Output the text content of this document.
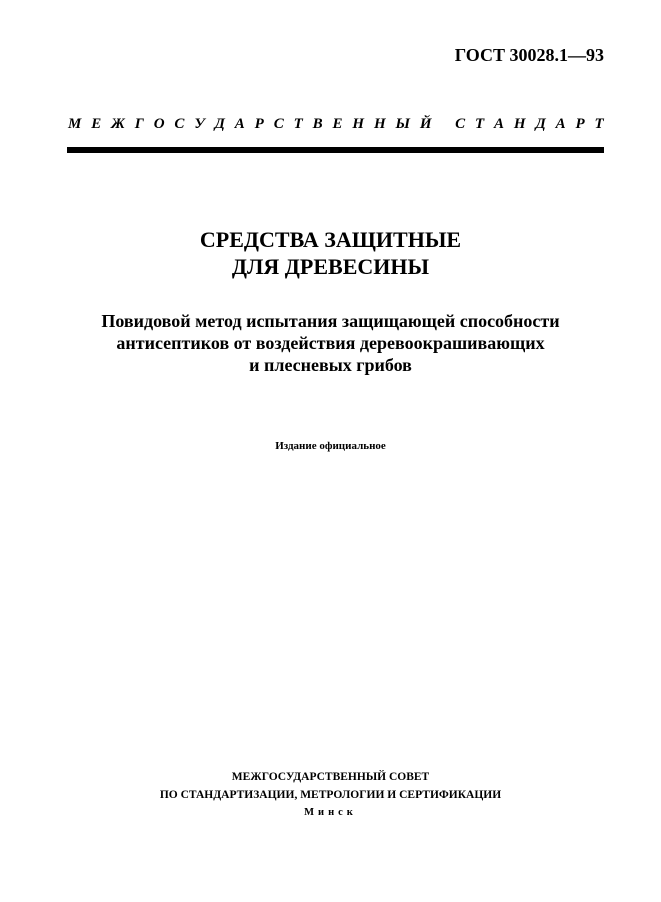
ГОСТ 30028.1—93
М Е Ж Г О С У Д А Р С Т В Е Н Н Ы Й
С Т А Н Д А Р Т
СРЕДСТВА ЗАЩИТНЫЕ
ДЛЯ ДРЕВЕСИНЫ
Повидовой метод испытания защищающей способности
антисептиков от воздействия деревоокрашивающих
и плесневых грибов
Издание официальное
МЕЖГОСУДАРСТВЕННЫЙ СОВЕТ
ПО СТАНДАРТИЗАЦИИ, МЕТРОЛОГИИ И СЕРТИФИКАЦИИ
Минск
